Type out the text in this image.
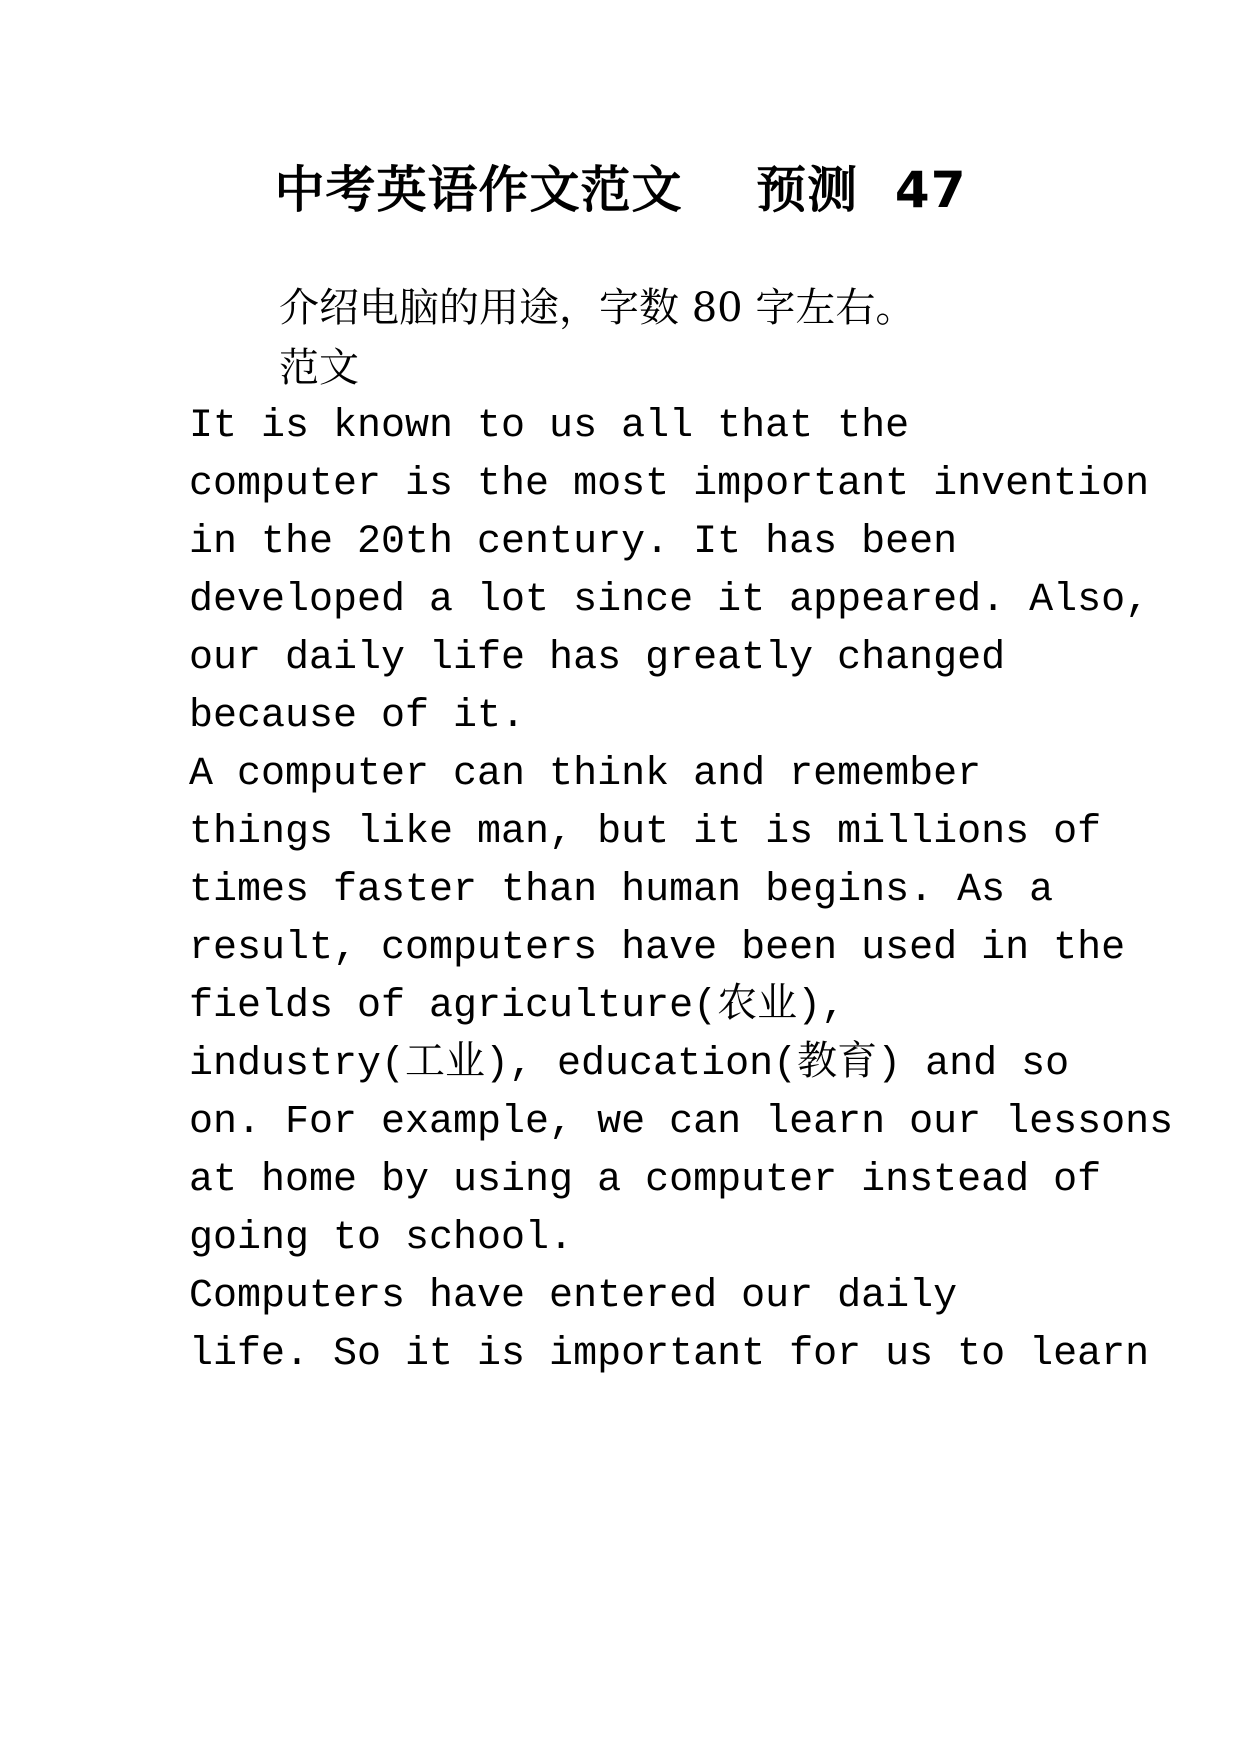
中考英语作文范文    预测  47
介绍电脑的用途，字数 80 字左右。
范文
It is known to us all that the
computer is the most important invention
in the 20th century. It has been
developed a lot since it appeared. Also,
our daily life has greatly changed
because of it.
A computer can think and remember
things like man, but it is millions of
times faster than human begins. As a
result, computers have been used in the
fields of agriculture(农业),
industry(工业), education(教育) and so
on. For example, we can learn our lessons
at home by using a computer instead of
going to school.
Computers have entered our daily
life. So it is important for us to learn
